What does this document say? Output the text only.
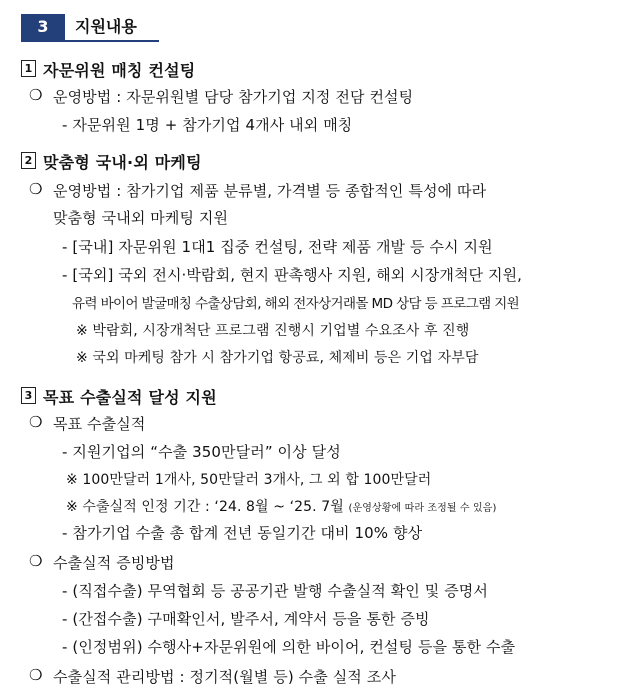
3	지원내용
1 자문위원 매칭 컨설팅
❍ 운영방법 : 자문위원별 담당 참가기업 지정 전담 컨설팅
- 자문위원 1명 + 참가기업 4개사 내외 매칭
2 맞춤형 국내·외 마케팅
❍ 운영방법 : 참가기업 제품 분류별, 가격별 등 종합적인 특성에 따라
맞춤형 국내외 마케팅 지원
- [국내] 자문위원 1대1 집중 컨설팅, 전략 제품 개발 등 수시 지원
- [국외] 국외 전시·박람회, 현지 판촉행사 지원, 해외 시장개척단 지원,
유력 바이어 발굴매칭 수출상담회, 해외 전자상거래몰 MD 상담 등 프로그램 지원
※ 박람회, 시장개척단 프로그램 진행시 기업별 수요조사 후 진행
※ 국외 마케팅 참가 시 참가기업 항공료, 체제비 등은 기업 자부담
3 목표 수출실적 달성 지원
❍ 목표 수출실적
- 지원기업의 “수출 350만달러” 이상 달성
※ 100만달러 1개사, 50만달러 3개사, 그 외 합 100만달러
※ 수출실적 인정 기간 : ‘24. 8월 ~ ‘25. 7월 (운영상황에 따라 조정될 수 있음)
- 참가기업 수출 총 합계 전년 동일기간 대비 10% 향상
❍ 수출실적 증빙방법
- (직접수출) 무역협회 등 공공기관 발행 수출실적 확인 및 증명서
- (간접수출) 구매확인서, 발주서, 계약서 등을 통한 증빙
- (인정범위) 수행사+자문위원에 의한 바이어, 컨설팅 등을 통한 수출
❍ 수출실적 관리방법 : 정기적(월별 등) 수출 실적 조사
